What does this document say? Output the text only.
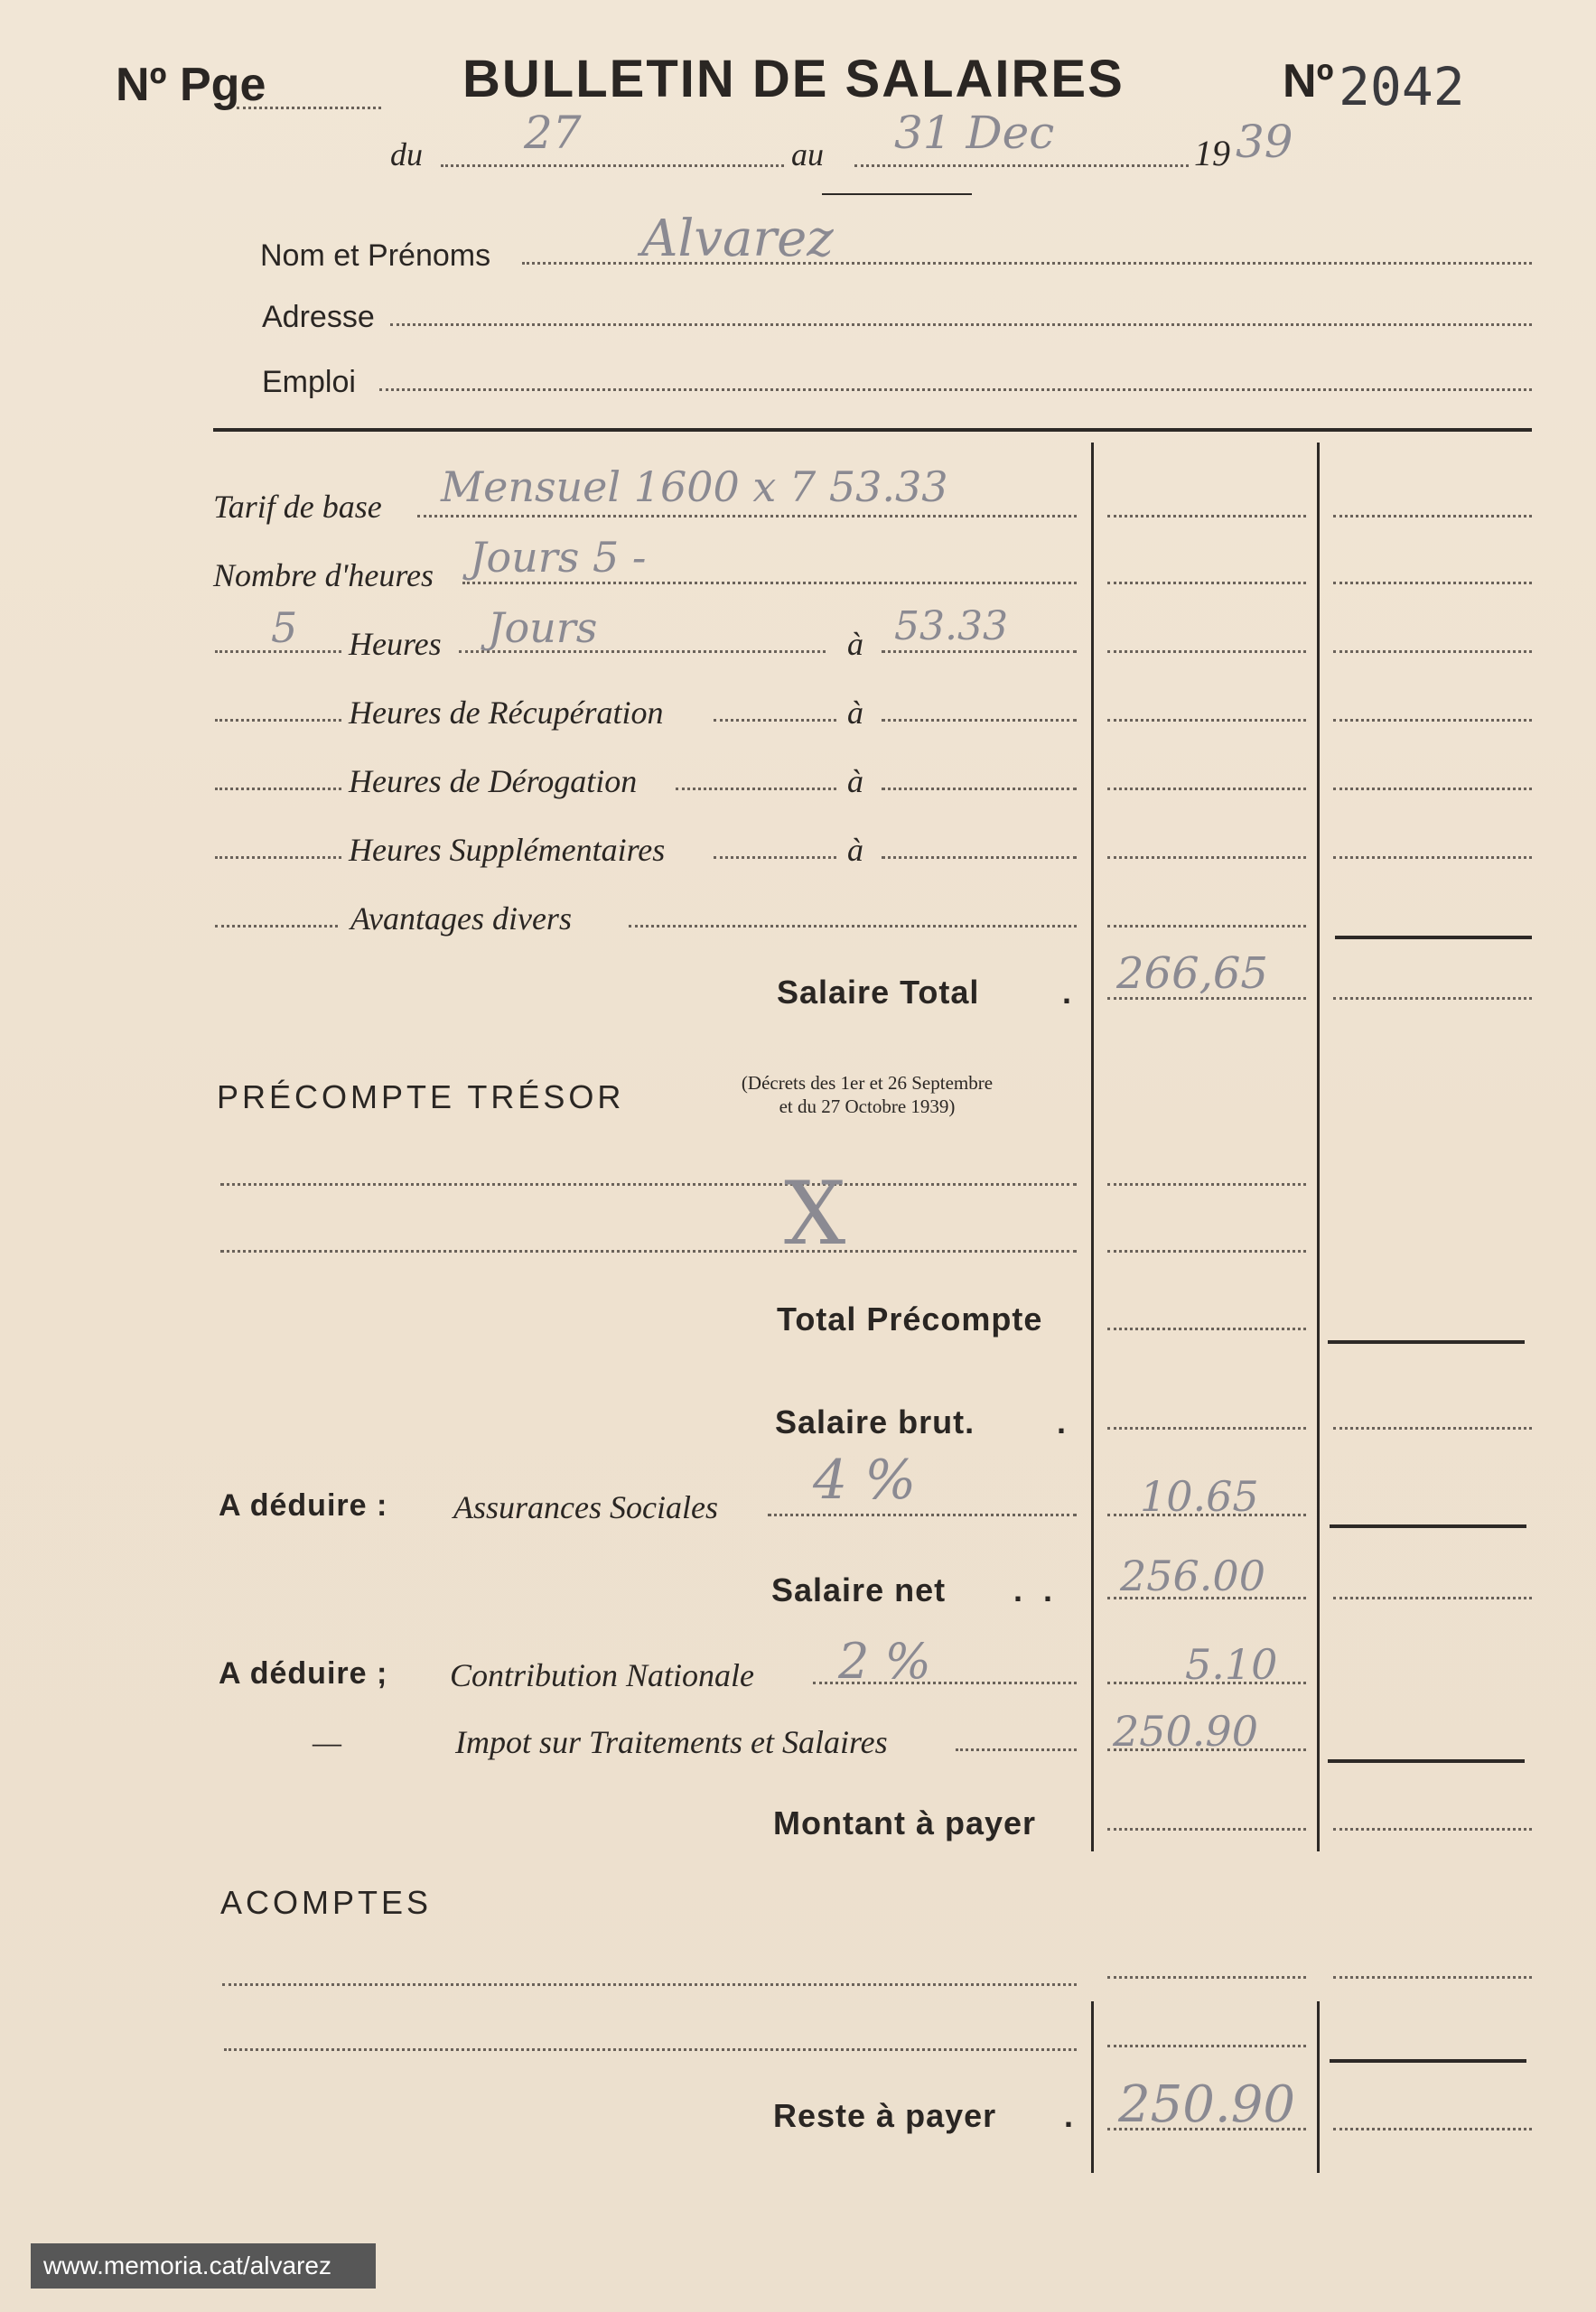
Nº Pge	BULLETIN DE SALAIRES	Nº 2042
du 27	au 31 Dec	19 39
Nom et Prénoms	Alvarez
Adresse
Emploi
Tarif de base Mensuel 1600 x 7 53.33
Nombre d'heures Jours 5 -
5 Heures Jours	à 53.33
Heures de Récupération	à
Heures de Dérogation	à
Heures Supplémentaires	à
Avantages divers
Salaire Total	. 266,65
PRÉCOMPTE TRÉSOR	(Décrets des 1er et 26 Septembre
et du 27 Octobre 1939)
X
Total Précompte
Salaire brut.	.
A déduire : Assurances Sociales 4 %	10.65
Salaire net .  . 256.00
A déduire ; Contribution Nationale 2 %	5.10
—	Impot sur Traitements et Salaires	250.90
Montant à payer
ACOMPTES
Reste à payer . 250.90
www.memoria.cat/alvarez
